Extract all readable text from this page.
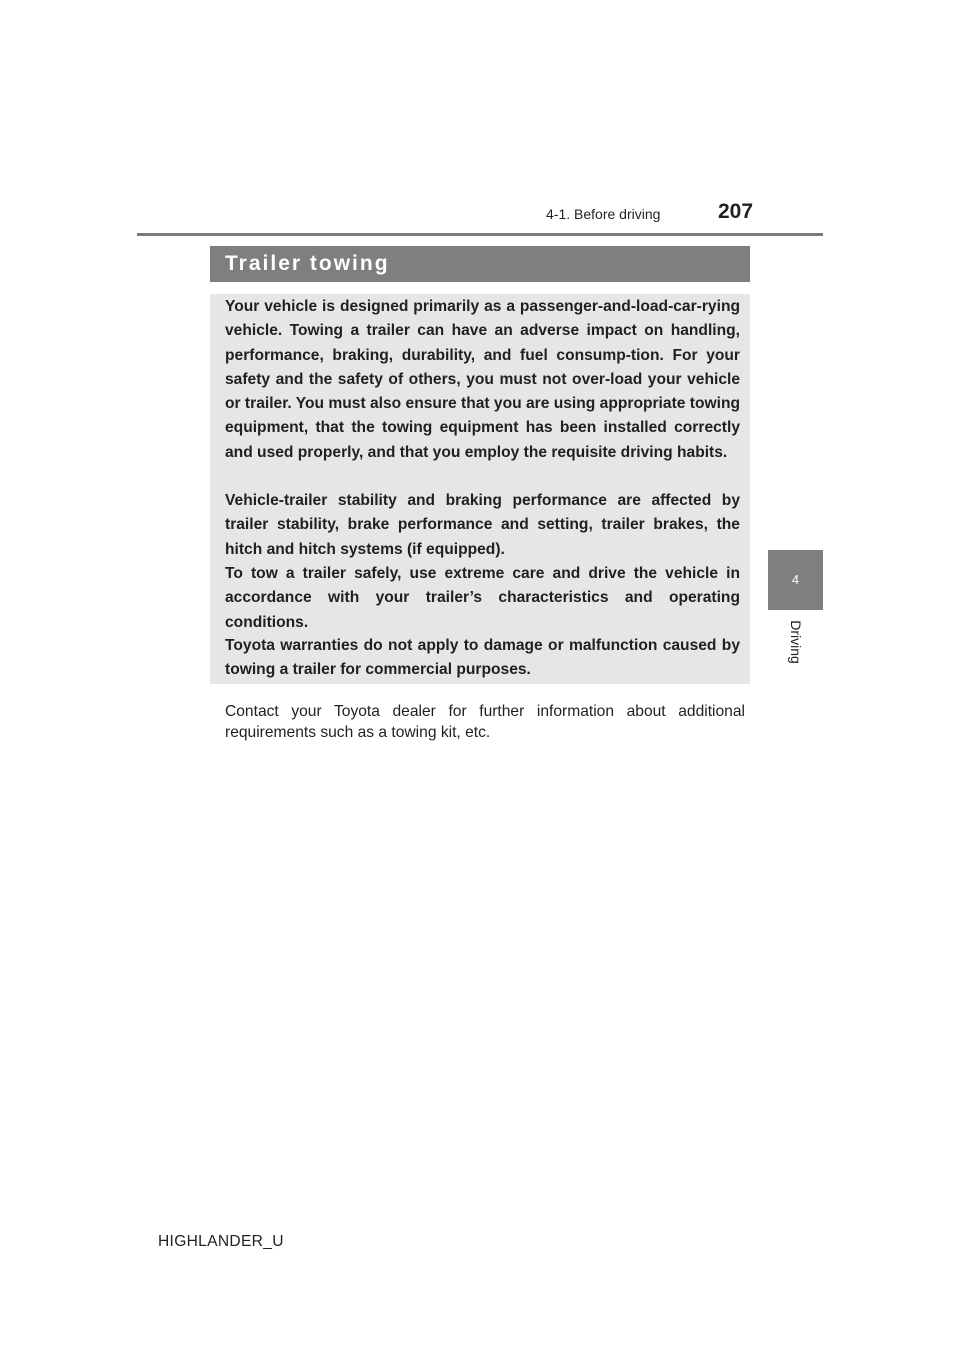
4-1. Before driving	207
Trailer towing

Your vehicle is designed primarily as a passenger-and-load-car-rying vehicle. Towing a trailer can have an adverse impact on handling, performance, braking, durability, and fuel consump-tion. For your safety and the safety of others, you must not over-load your vehicle or trailer. You must also ensure that you are using appropriate towing equipment, that the towing equipment has been installed correctly and used properly, and that you employ the requisite driving habits.

Vehicle-trailer stability and braking performance are affected by trailer stability, brake performance and setting, trailer brakes, the hitch and hitch systems (if equipped).

To tow a trailer safely, use extreme care and drive the vehicle in accordance with your trailer’s characteristics and operating conditions.

Toyota warranties do not apply to damage or malfunction caused by towing a trailer for commercial purposes.

Contact your Toyota dealer for further information about additional requirements such as a towing kit, etc.

4
Driving
HIGHLANDER_U
